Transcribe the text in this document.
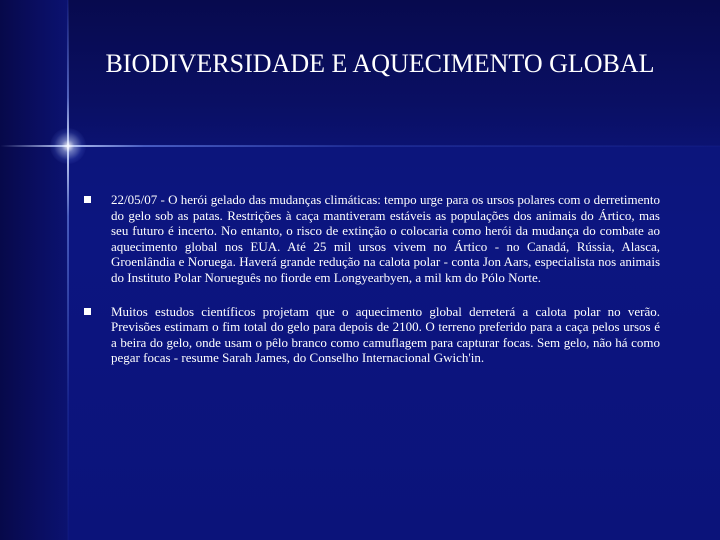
BIODIVERSIDADE E AQUECIMENTO GLOBAL

22/05/07 - O herói gelado das mudanças climáticas: tempo urge para os ursos polares com o derretimento do gelo sob as patas. Restrições à caça mantiveram estáveis as populações dos animais do Ártico, mas seu futuro é incerto. No entanto, o risco de extinção o colocaria como herói da mudança do combate ao aquecimento global nos EUA. Até 25 mil ursos vivem no Ártico - no Canadá, Rússia, Alasca, Groenlândia e Noruega. Haverá grande redução na calota polar - conta Jon Aars, especialista nos animais do Instituto Polar Norueguês no fiorde em Longyearbyen, a mil km do Pólo Norte.

Muitos estudos científicos projetam que o aquecimento global derreterá a calota polar no verão. Previsões estimam o fim total do gelo para depois de 2100. O terreno preferido para a caça pelos ursos é a beira do gelo, onde usam o pêlo branco como camuflagem para capturar focas. Sem gelo, não há como pegar focas - resume Sarah James, do Conselho Internacional Gwich'in.
